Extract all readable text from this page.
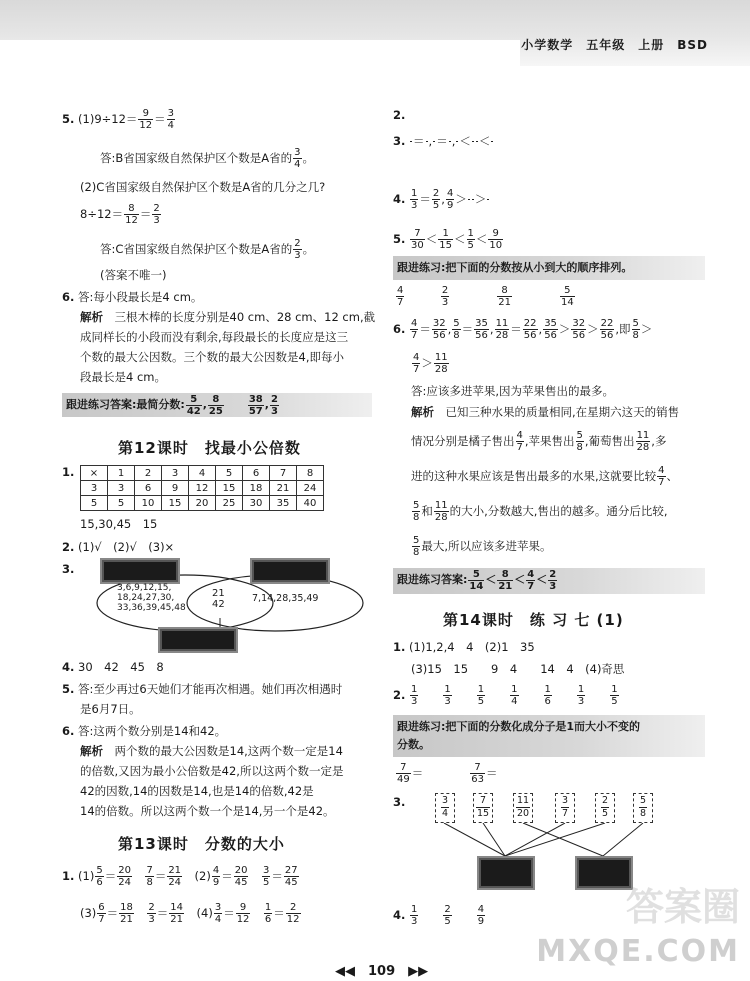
小学数学　五年级　上册　BSD
5. $(1)9\div 12= \frac{9}{12} = \frac{3}{4}$
答:B省国家级自然保护区个数是A省的 $\frac{3}{4}$ 。
(2)C省国家级自然保护区个数是A省的几分之几?
$8\div 12= \frac{8}{12} = \frac{2}{3}$
答:C省国家级自然保护区个数是A省的 $\frac{2}{3}$ 。
(答案不唯一)
6. 答:每小段最长是4 cm。
解析　 三根木棒的长度分别是40 cm、28 cm、12 cm,截
成同样长的小段而没有剩余,每段最长的长度应是这三
个数的最大公因数。三个数的最大公因数是4,即每小
段最长是4 cm。
跟进练习答案:最简分数: $\frac{5}{42}$ , $\frac{8}{25}$
　　 $\frac{38}{57}$ , $\frac{2}{3}$
第12课时　找最小公倍数
1. ×	1	2	3	4	5	6	7	8
3	3	6	9	12	15	18	21	24
5	5	10	15	20	25	30	35	40
15,30,45　15
2. (1)√　(2)√　(3)×
3.
3,6,9,12,15,
18,24,27,30,
33,36,39,45,48
21
42
7,14,28,35,49
4. 30　42　45　8
5. 答:至少再过6天她们才能再次相遇。她们再次相遇时
是6月7日。
6. 答:这两个数分别是14和42。
解析　 两个数的最大公因数是14,这两个数一定是14
的倍数,又因为最小公倍数是42,所以这两个数一定是
42的因数,14的因数是14,也是14的倍数,42是
14的倍数。所以这两个数一个是14,另一个是42。
第13课时　分数的大小
1. $(1) \frac{5}{6} = \frac{20}{24}$
　 $\frac{7}{8} = \frac{21}{24}$
　 $(2) \frac{4}{9} = \frac{20}{45}$
　 $\frac{3}{5} = \frac{27}{45}$
$(3) \frac{6}{7} = \frac{18}{21}$
　 $\frac{2}{3} = \frac{14}{21}$
　 $(4) \frac{3}{4} = \frac{9}{12}$
　 $\frac{1}{6} = \frac{2}{12}$
2.
3. ＝ , ＝ , ＜ ＜
4. $\frac{1}{3} = \frac{2}{5}$ , $\frac{4}{9}$ ＞ ＞

5. $\frac{7}{30} < \frac{1}{15} < \frac{1}{5} < \frac{9}{10}$
跟进练习:把下面的分数按从小到大的顺序排列。
$\frac{4}{7}$
　　　	$\frac{2}{3}$
　　　　	$\frac{8}{21}$
　　　　	$\frac{5}{14}$
6. $\frac{4}{7} = \frac{32}{56}$ , $\frac{5}{8} = \frac{35}{56}$ , $\frac{11}{28} = \frac{22}{56}$ , $\frac{35}{56} > \frac{32}{56} > \frac{22}{56}$ ,即 $\frac{5}{8}$ ＞
$\frac{4}{7} > \frac{11}{28}$
答:应该多进苹果,因为苹果售出的最多。
解析　 已知三种水果的质量相同,在星期六这天的销售
情况分别是橘子售出 $\frac{4}{7}$ ,苹果售出 $\frac{5}{8}$ ,葡萄售出 $\frac{11}{28}$ ,多
进的这种水果应该是售出最多的水果,这就要比较 $\frac{4}{7}$ 、
$\frac{5}{8}$ 和 $\frac{11}{28}$ 的大小,分数越大,售出的越多。通分后比较,
$\frac{5}{8}$ 最大,所以应该多进苹果。
跟进练习答案: $\frac{5}{14} < \frac{8}{21} < \frac{4}{7} < \frac{2}{3}$
第14课时　练 习 七 (1)
1. (1)1,2,4　4　(2)1　35
(3)15　15　　9　4　　14　4　(4)奇思
2. $\frac{1}{3}$
　　	$\frac{1}{3}$
　　	$\frac{1}{5}$
　　	$\frac{1}{4}$
　　	$\frac{1}{6}$
　　	$\frac{1}{3}$
　　	$\frac{1}{5}$
跟进练习:把下面的分数化成分子是1而大小不变的
分数。
$\frac{7}{49}$ ＝　　　　	$\frac{7}{63}$ ＝
3.	$\frac{3}{4}$	$\frac{7}{15}$	$\frac{11}{20}$	$\frac{3}{7}$	$\frac{2}{5}$	$\frac{5}{8}$
4. $\frac{1}{3}$
　　	$\frac{2}{5}$
　　	$\frac{4}{9}$
◀◀　109　▶▶
答案圈
MXQE.COM
